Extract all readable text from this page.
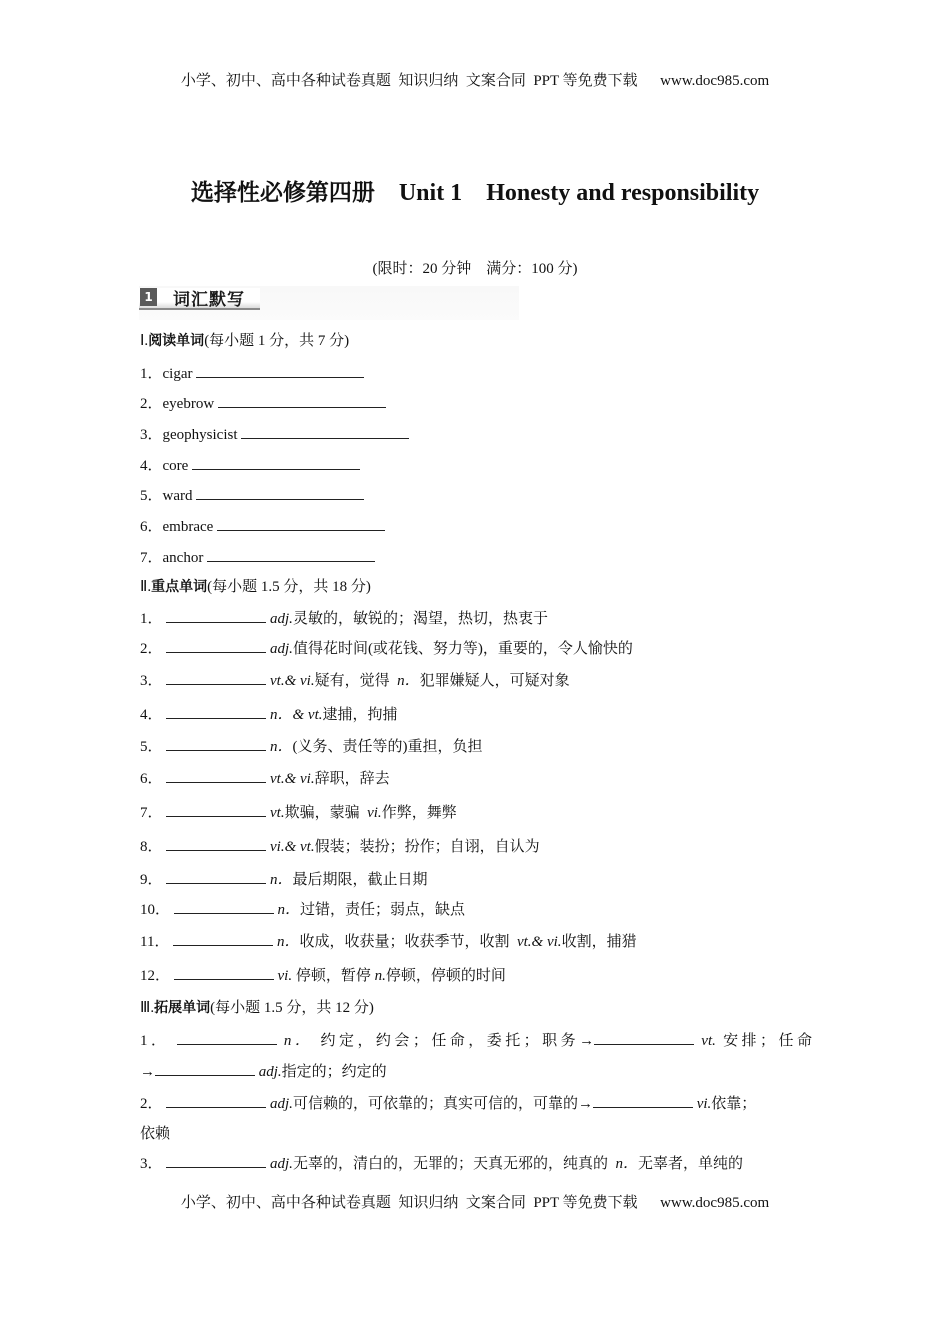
小学、初中、高中各种试卷真题  知识归纳  文案合同  PPT 等免费下载      www.doc985.com
选择性必修第四册 Unit 1 Honesty and responsibility
(限时：20 分钟    满分：100 分)
1 词汇默写
Ⅰ.阅读单词(每小题 1 分，共 7 分)
1．cigar
2．eyebrow
3．geophysicist
4．core
5．ward
6．embrace
7．anchor
Ⅱ.重点单词(每小题 1.5 分，共 18 分)
1．	adj.灵敏的，敏锐的；渴望，热切，热衷于
2．	adj.值得花时间(或花钱、努力等)，重要的，令人愉快的
3．	vt.& vi.疑有，觉得  n．犯罪嫌疑人，可疑对象
4．	n．& vt.逮捕，拘捕
5．	n．(义务、责任等的)重担，负担
6．	vt.& vi.辞职，辞去
7．	vt.欺骗，蒙骗  vi.作弊，舞弊
8．	vi.& vt.假装；装扮；扮作；自诩，自认为
9．	n．最后期限，截止日期
10．	n．过错，责任；弱点，缺点
11．	n．收成，收获量；收获季节，收割  vt.& vi.收割，捕猎
12．	vi. 停顿，暂停 n.停顿，停顿的时间
Ⅲ.拓展单词(每小题 1.5 分，共 12 分)
1．	n． 约定，约会；任命，委托；职务→	vt. 安排；任命
→	adj.指定的；约定的
2．	adj.可信赖的，可依靠的；真实可信的，可靠的→	vi.依靠；
依赖
3．	adj.无辜的，清白的，无罪的；天真无邪的，纯真的  n．无辜者，单纯的
小学、初中、高中各种试卷真题  知识归纳  文案合同  PPT 等免费下载      www.doc985.com
